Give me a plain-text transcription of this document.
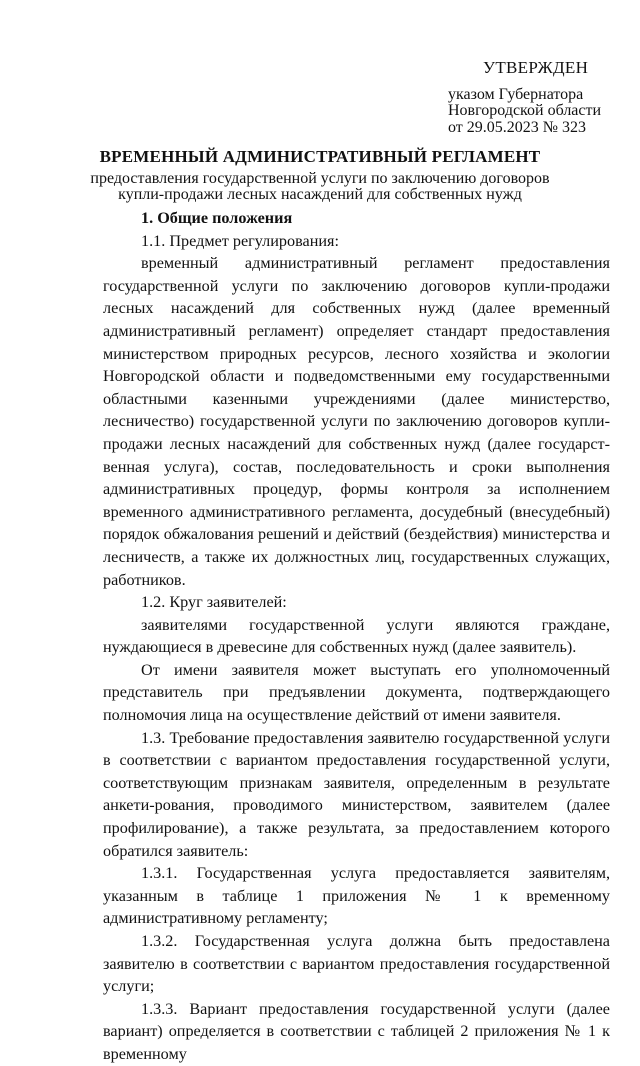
УТВЕРЖДЕН
указом Губернатора
Новгородской области
от 29.05.2023 № 323
ВРЕМЕННЫЙ АДМИНИСТРАТИВНЫЙ РЕГЛАМЕНТ
предоставления государственной услуги по заключению договоров
купли-продажи лесных насаждений для собственных нужд

1. Общие положения

1.1. Предмет регулирования:

временный административный регламент предоставления государственной услуги по заключению договоров купли-продажи лесных насаждений для собственных нужд (далее временный административный регламент) определяет стандарт предоставления министерством природных ресурсов, лесного хозяйства и экологии Новгородской области и подведомственными ему государственными областными казенными учреждениями (далее министерство, лесничество) государственной услуги по заключению договоров купли-продажи лесных насаждений для собственных нужд (далее государст-венная услуга), состав, последовательность и сроки выполнения административных процедур, формы контроля за исполнением временного административного регламента, досудебный (внесудебный) порядок обжалования решений и действий (бездействия) министерства и лесничеств, а также их должностных лиц, государственных служащих, работников.

1.2. Круг заявителей:

заявителями государственной услуги являются граждане, нуждающиеся в древесине для собственных нужд (далее заявитель).

От имени заявителя может выступать его уполномоченный представитель при предъявлении документа, подтверждающего полномочия лица на осуществление действий от имени заявителя.

1.3. Требование предоставления заявителю государственной услуги в соответствии с вариантом предоставления государственной услуги, соответствующим признакам заявителя, определенным в результате анкети-рования, проводимого министерством, заявителем (далее профилирование), а также результата, за предоставлением которого обратился заявитель:

1.3.1. Государственная услуга предоставляется заявителям, указанным в таблице 1 приложения № 1 к временному административному регламенту;

1.3.2. Государственная услуга должна быть предоставлена заявителю в соответствии с вариантом предоставления государственной услуги;

1.3.3. Вариант предоставления государственной услуги (далее вариант) определяется в соответствии с таблицей 2 приложения № 1 к временному
